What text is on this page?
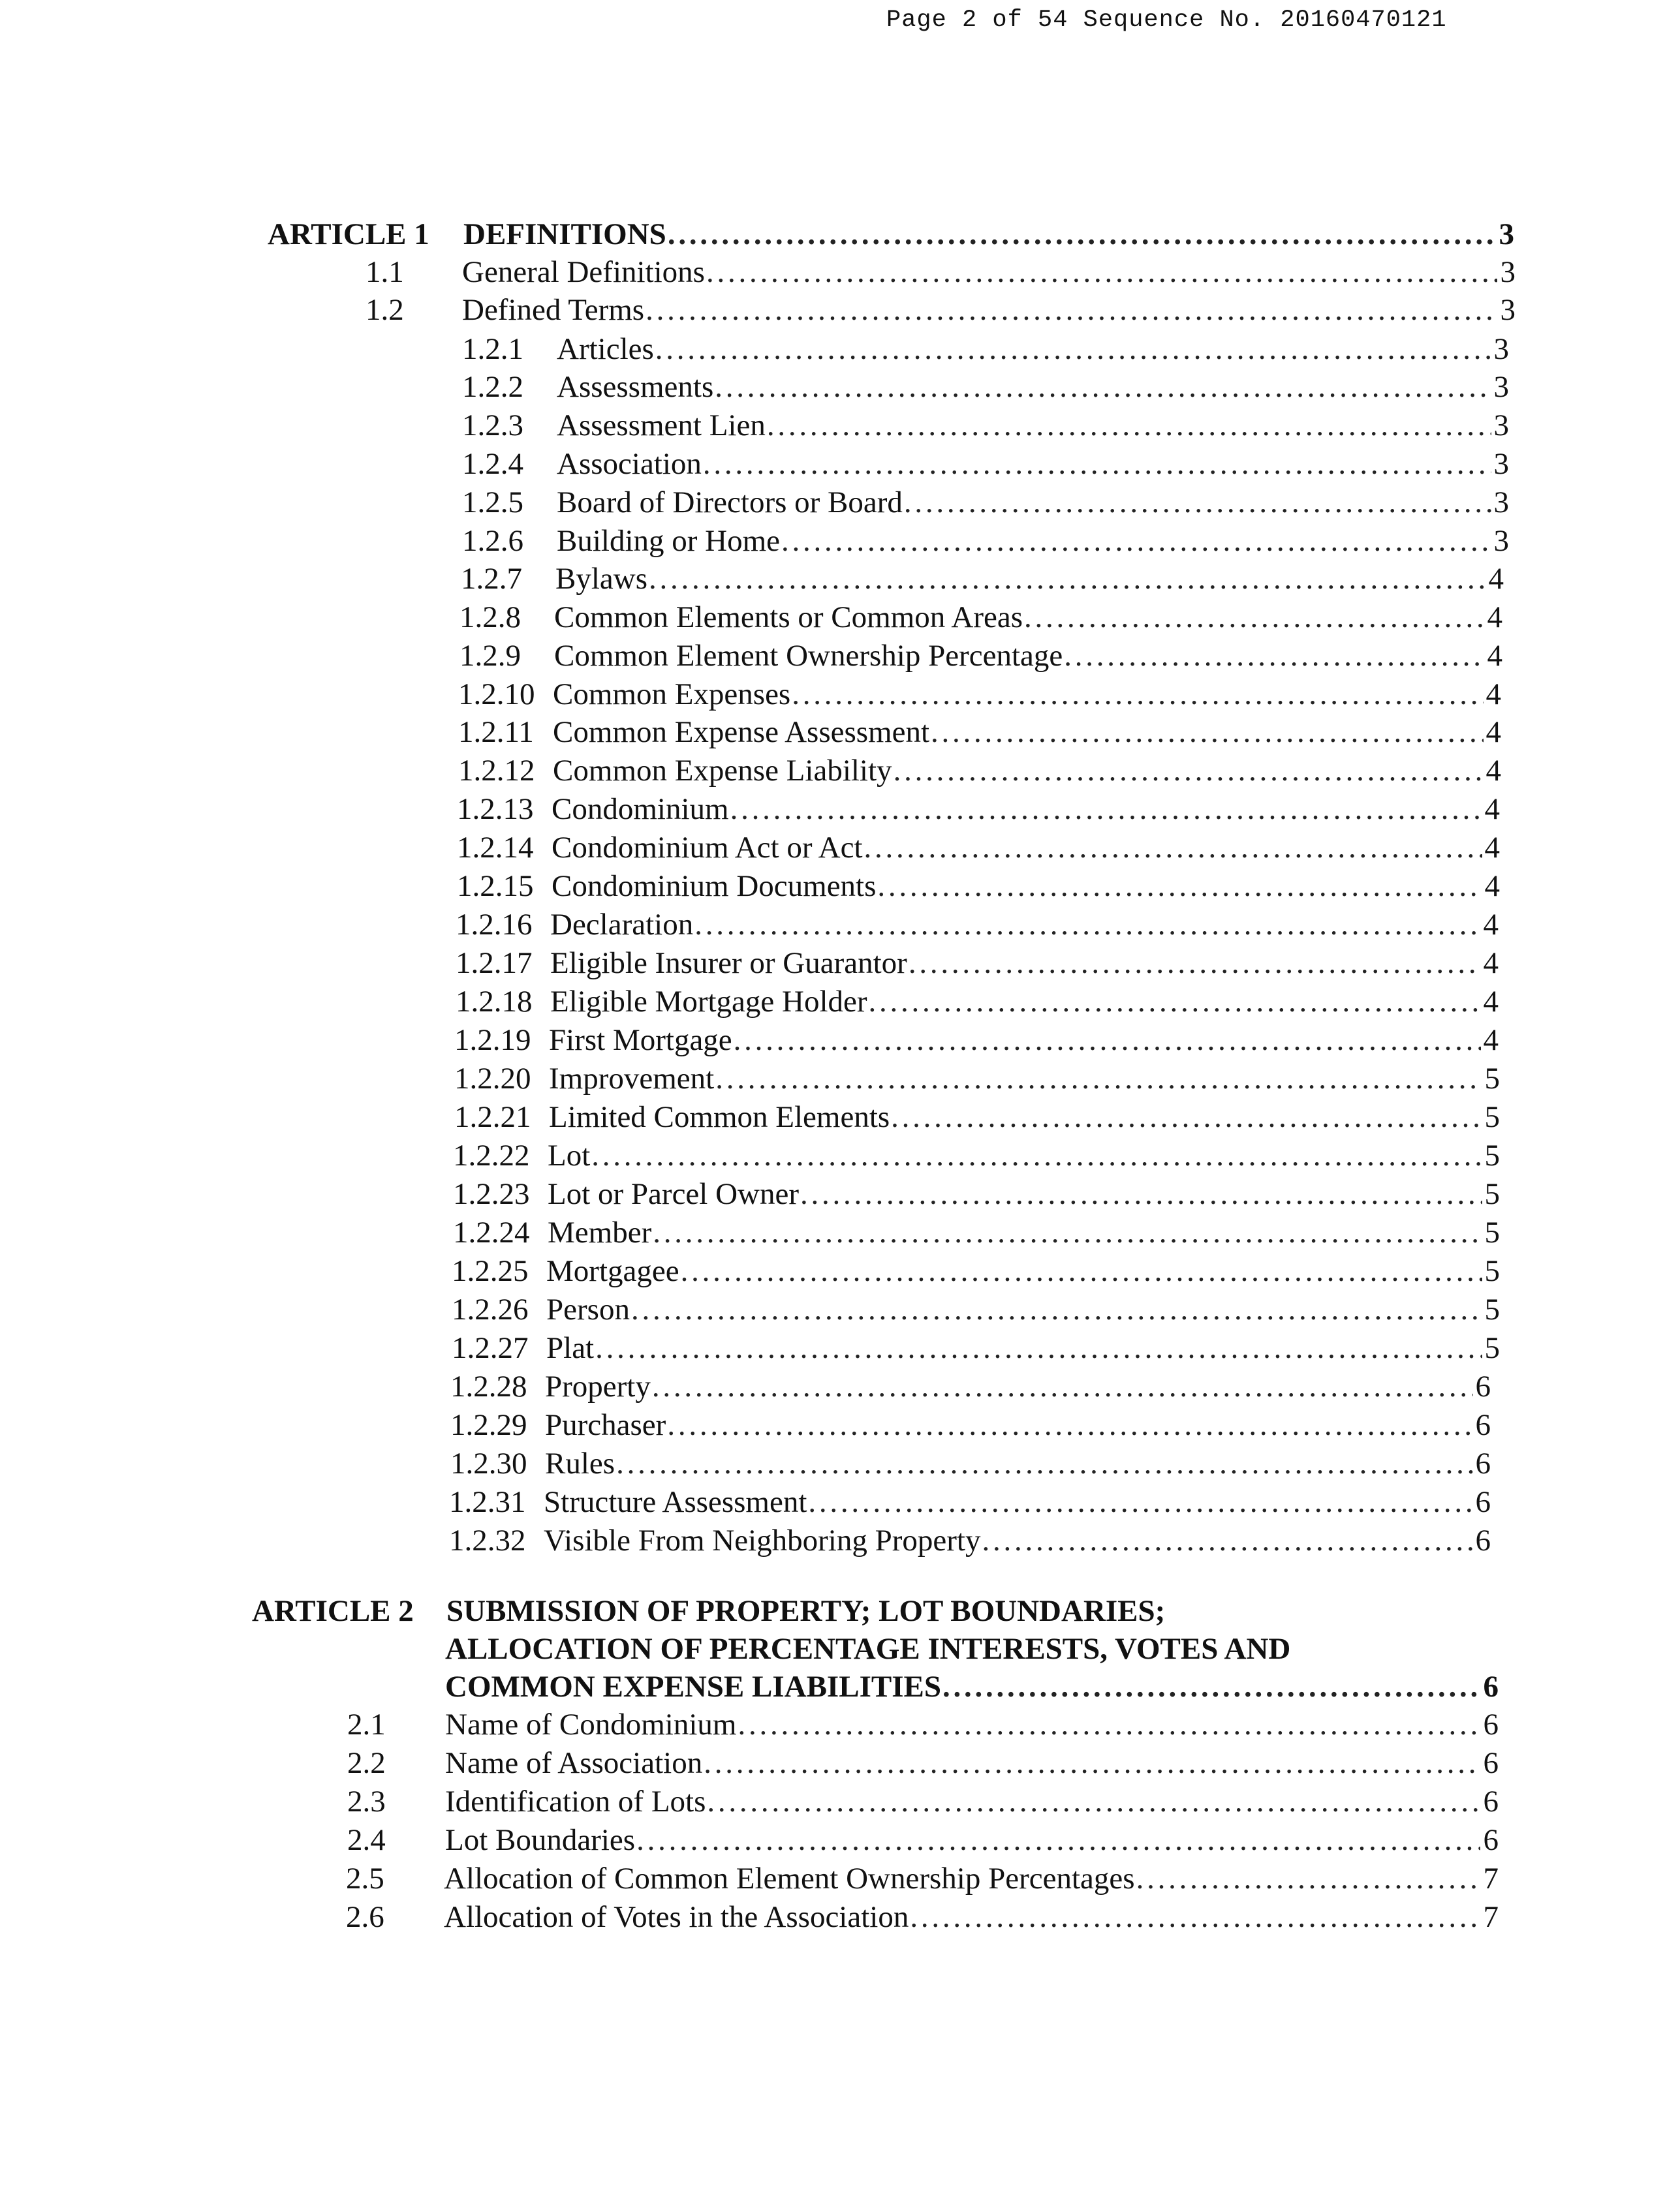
Page 2 of 54 Sequence No. 20160470121
ARTICLE 1 DEFINITIONS . . .	3
1.1 General Definitions . . .	3
1.2 Defined Terms . . .	3
1.2.1 Articles . . .	3
1.2.2 Assessments . . .	3
1.2.3 Assessment Lien . . .	3
1.2.4 Association . . .	3
1.2.5 Board of Directors or Board . . .	3
1.2.6 Building or Home . . .	3
1.2.7 Bylaws . . .	4
1.2.8 Common Elements or Common Areas . . .	4
1.2.9 Common Element Ownership Percentage . . .	4
1.2.10 Common Expenses . . .	4
1.2.11 Common Expense Assessment . . .	4
1.2.12 Common Expense Liability . . .	4
1.2.13 Condominium . . .	4
1.2.14 Condominium Act or Act . . .	4
1.2.15 Condominium Documents . . .	4
1.2.16 Declaration . . .	4
1.2.17 Eligible Insurer or Guarantor . . .	4
1.2.18 Eligible Mortgage Holder . . .	4
1.2.19 First Mortgage . . .	4
1.2.20 Improvement . . .	5
1.2.21 Limited Common Elements . . .	5
1.2.22 Lot . . .	5
1.2.23 Lot or Parcel Owner . . .	5
1.2.24 Member . . .	5
1.2.25 Mortgagee . . .	5
1.2.26 Person . . .	5
1.2.27 Plat . . .	5
1.2.28 Property . . .	6
1.2.29 Purchaser . . .	6
1.2.30 Rules . . .	6
1.2.31 Structure Assessment . . .	6
1.2.32 Visible From Neighboring Property . . .	6
ARTICLE 2 SUBMISSION OF PROPERTY; LOT BOUNDARIES;
ALLOCATION OF PERCENTAGE INTERESTS, VOTES AND
COMMON EXPENSE LIABILITIES . . .	6
2.1 Name of Condominium . . .	6
2.2 Name of Association . . .	6
2.3 Identification of Lots . . .	6
2.4 Lot Boundaries . . .	6
2.5 Allocation of Common Element Ownership Percentages . . .	7
2.6 Allocation of Votes in the Association . . .	7
